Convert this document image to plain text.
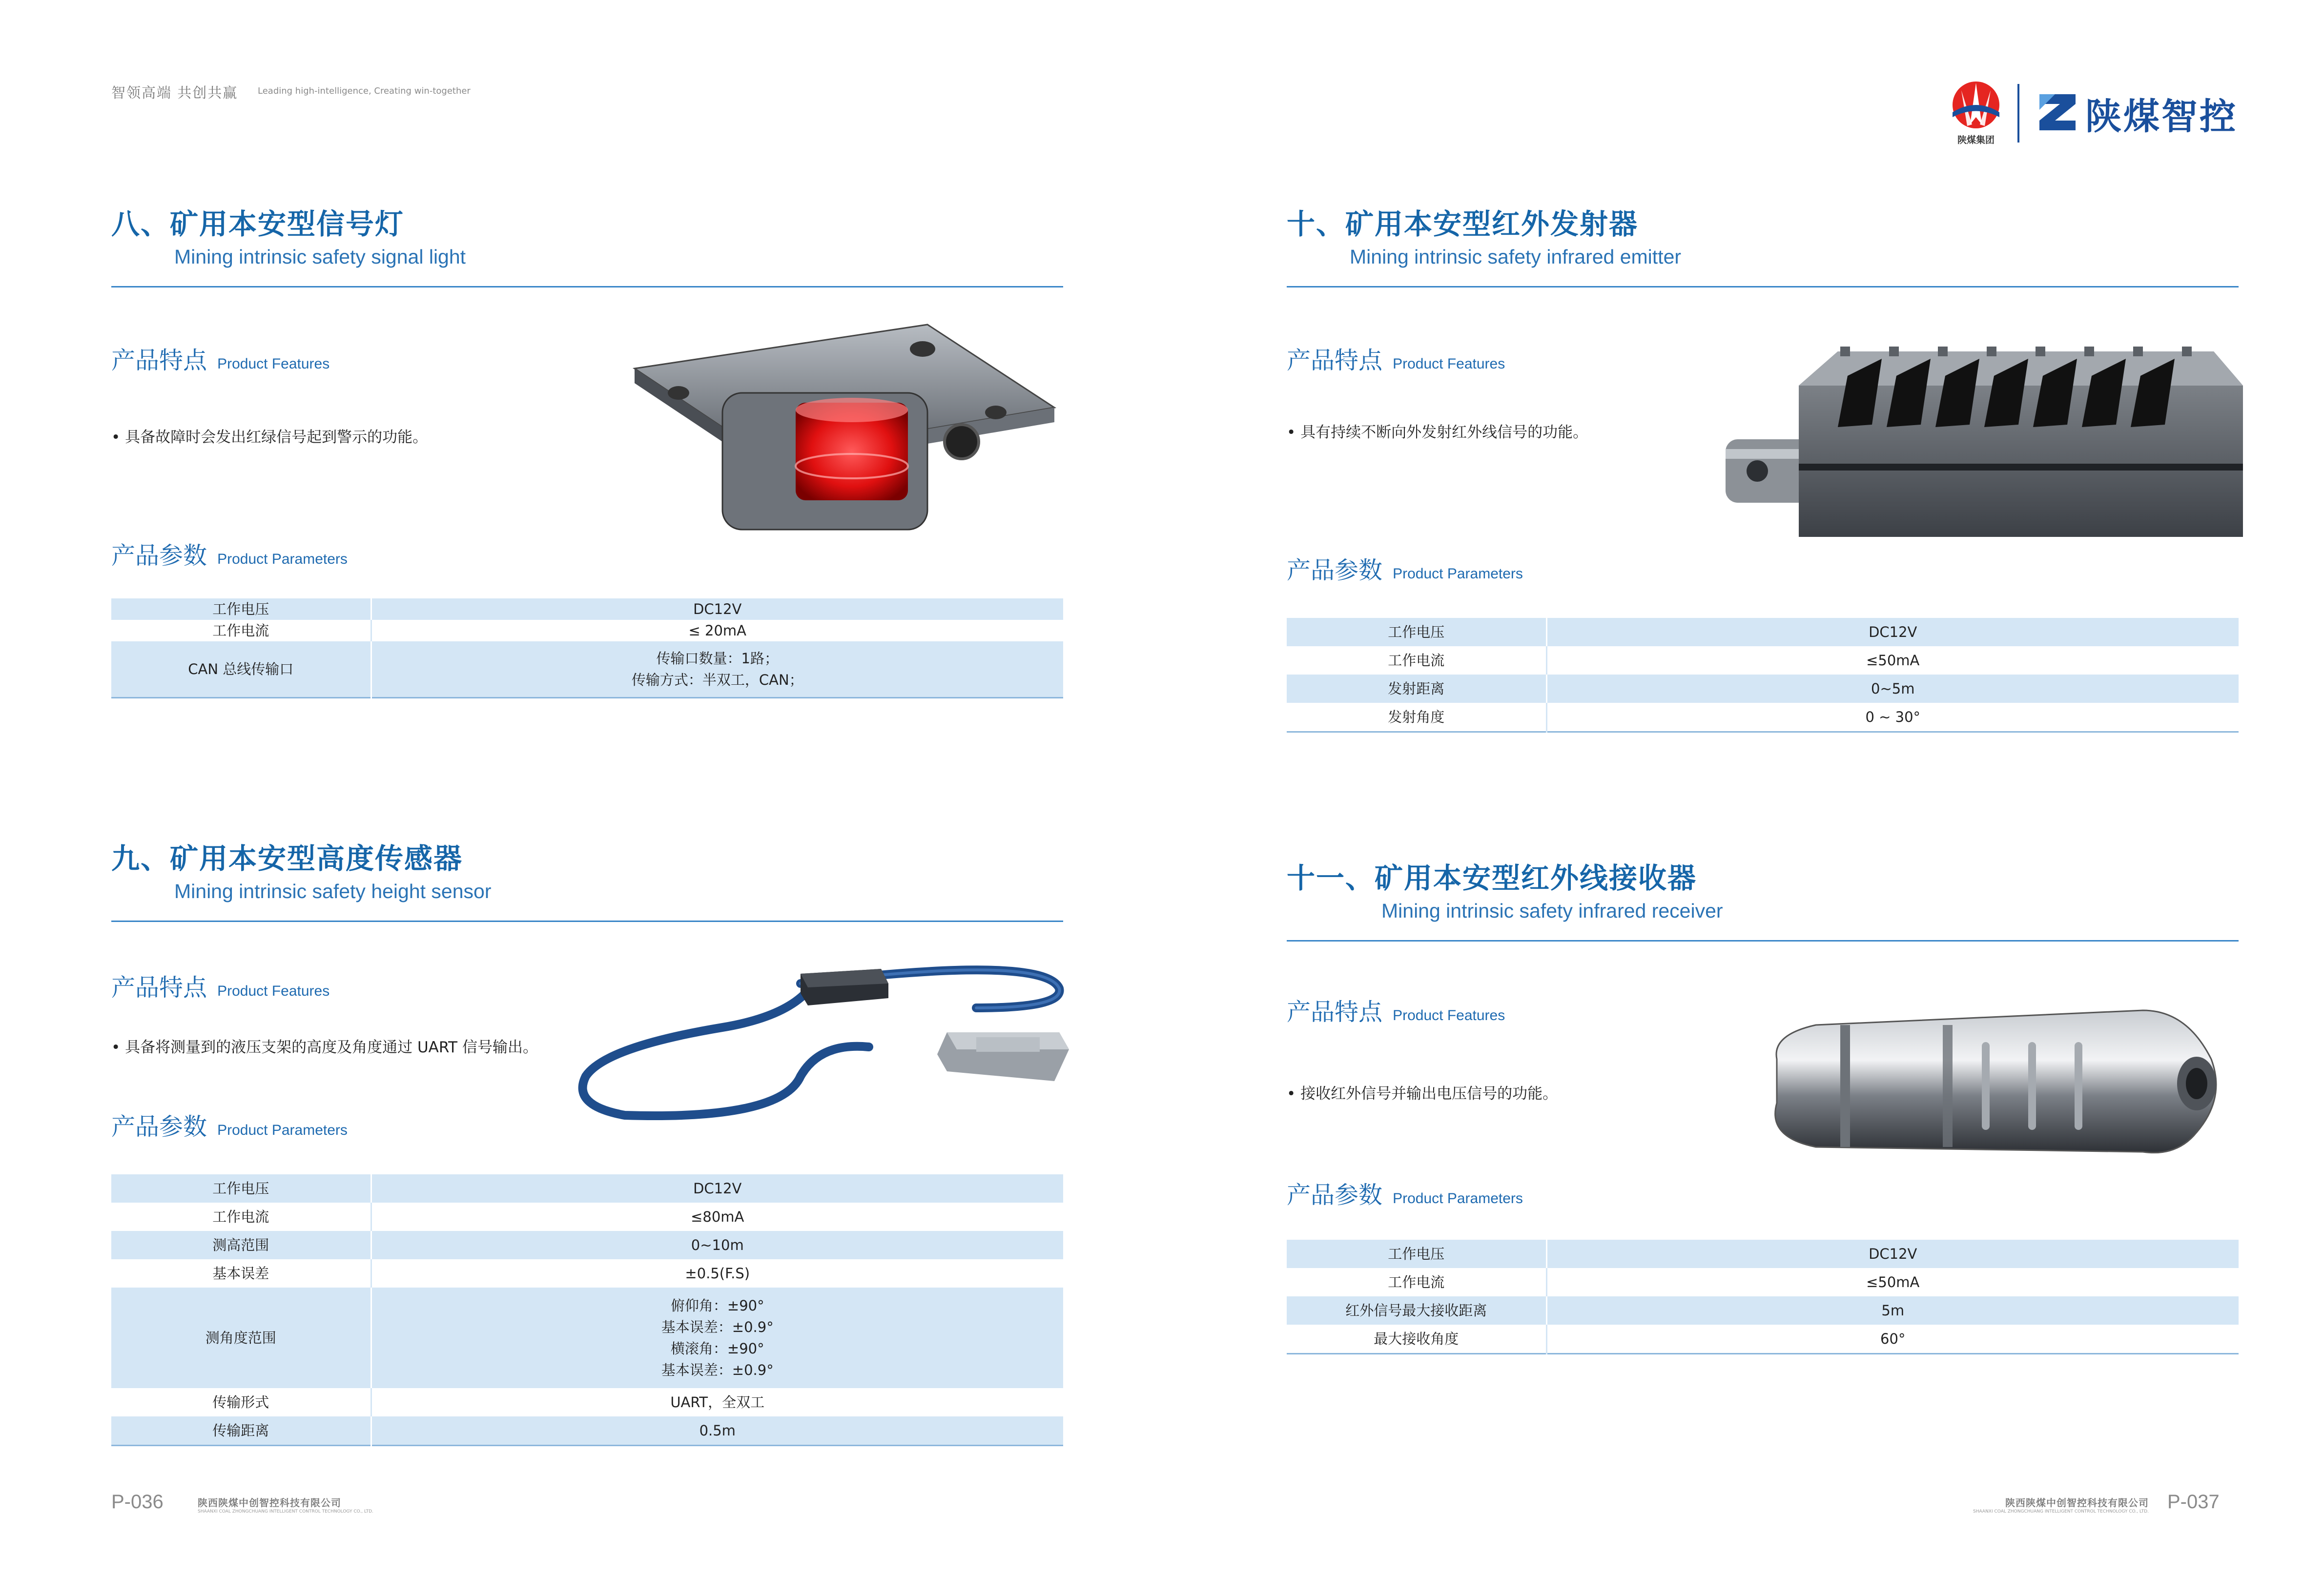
智领高端 共创共赢 Leading high-intelligence, Creating win-together
陕煤集团
陕煤智控
八、矿用本安型信号灯
Mining intrinsic safety signal light
产品特点 Product Features
• 具备故障时会发出红绿信号起到警示的功能。
产品参数 Product Parameters
工作电压	DC12V
工作电流	≤ 20mA
CAN 总线传输口	传输口数量：1路；
传输方式：半双工，CAN；
九、矿用本安型高度传感器
Mining intrinsic safety height sensor
产品特点 Product Features
• 具备将测量到的液压支架的高度及角度通过 UART 信号输出。
产品参数 Product Parameters
工作电压	DC12V
工作电流	≤80mA
测高范围	0~10m
基本误差	±0.5(F.S)
测角度范围	俯仰角：±90°
基本误差：±0.9°
横滚角：±90°
基本误差：±0.9°

传输形式	UART，全双工
传输距离	0.5m
十、矿用本安型红外发射器
Mining intrinsic safety infrared emitter
产品特点 Product Features
• 具有持续不断向外发射红外线信号的功能。
产品参数 Product Parameters
工作电压	DC12V
工作电流	≤50mA
发射距离	0~5m
发射角度	0 ~ 30°
十一、矿用本安型红外线接收器
Mining intrinsic safety infrared receiver
产品特点 Product Features
• 接收红外信号并输出电压信号的功能。
产品参数 Product Parameters
工作电压	DC12V
工作电流	≤50mA
红外信号最大接收距离	5m
最大接收角度	60°
P-036	陕西陕煤中创智控科技有限公司
SHAANXI COAL ZHONGCHUANG INTELLIGENT CONTROL TECHNOLOGY CO., LTD.
陕西陕煤中创智控科技有限公司
SHAANXI COAL ZHONGCHUANG INTELLIGENT CONTROL TECHNOLOGY CO., LTD. P-037
